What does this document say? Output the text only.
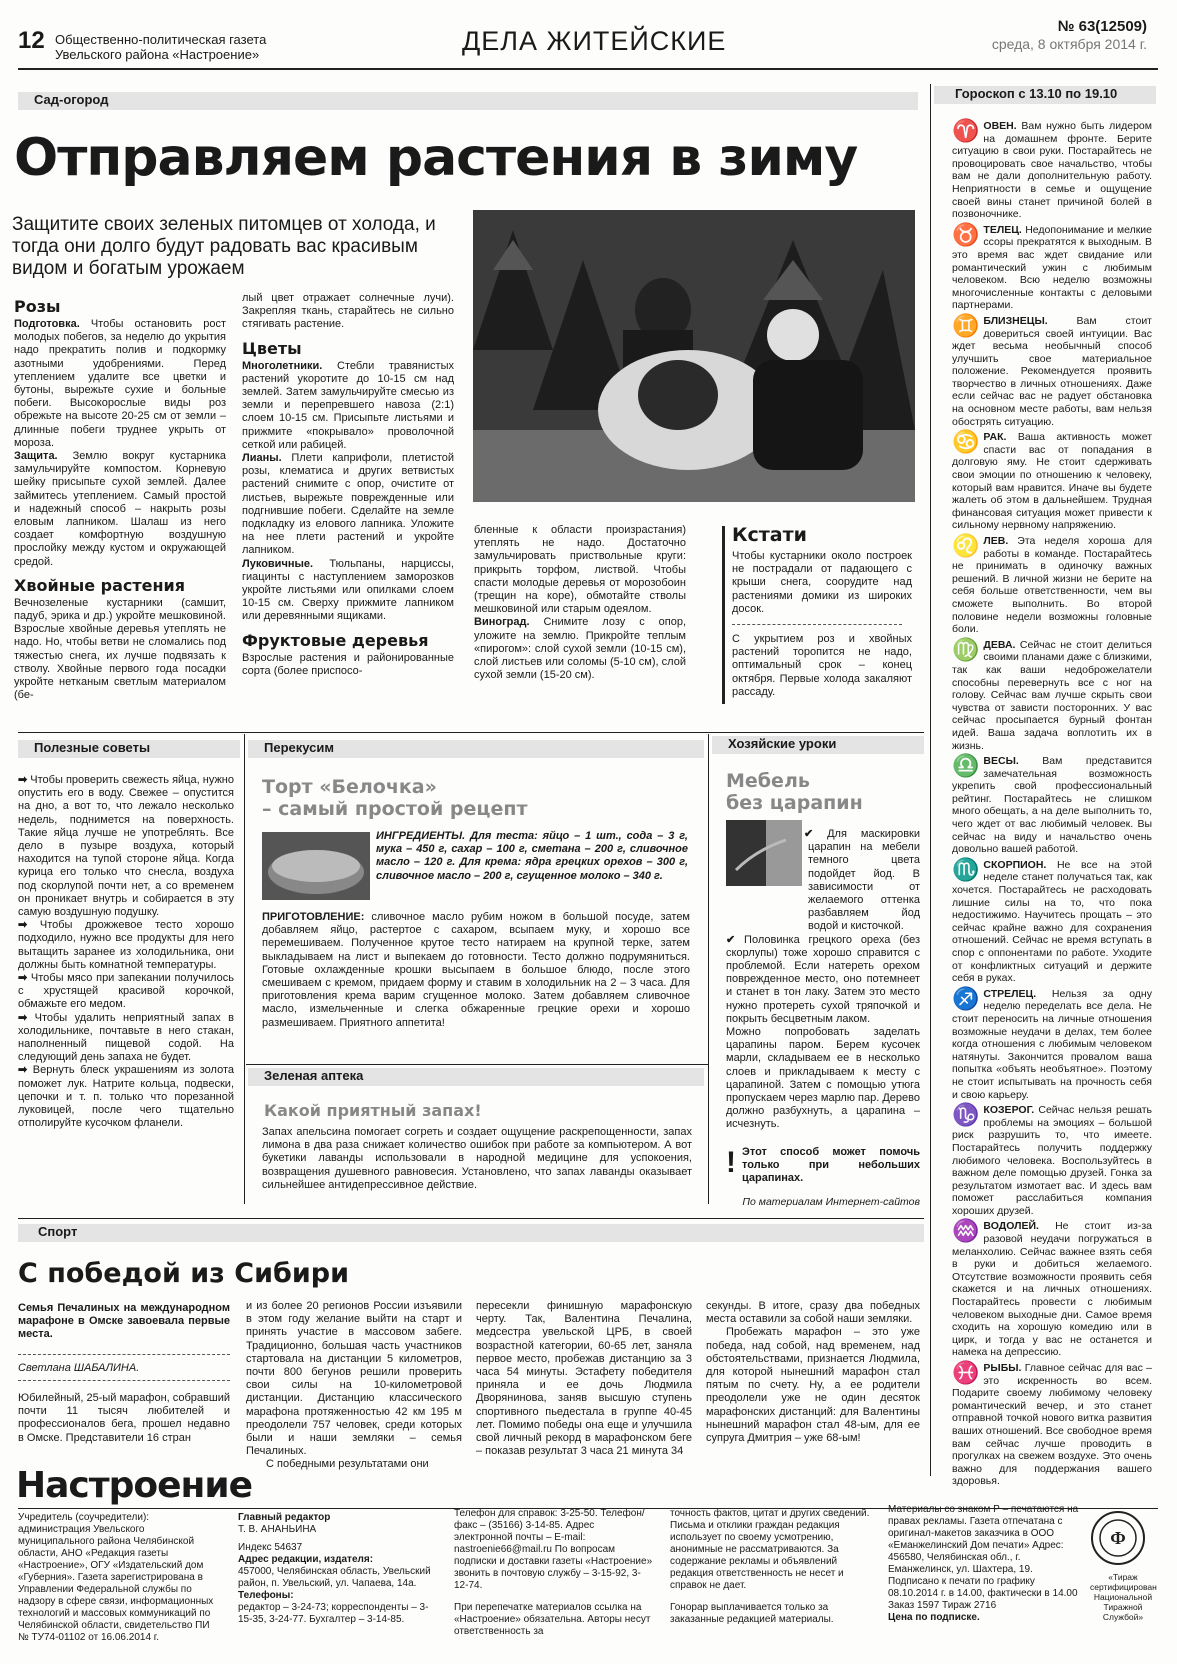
12 Общественно-политическая газета
Увельского района «Настроение»	ДЕЛА ЖИТЕЙСКИЕ	№ 63(12509)
среда, 8 октября 2014 г.
Сад-огород
Отправляем растения в зиму
Защитите своих зеленых питомцев от холода, и тогда они долго будут радовать вас красивым видом и богатым урожаем
Розы

Подготовка. Чтобы остановить рост молодых побегов, за неделю до укрытия надо прекратить полив и подкормку азотными удобрениями. Перед утеплением удалите все цветки и бутоны, вырежьте сухие и больные побеги. Высокорослые виды роз обрежьте на высоте 20-25 см от земли – длинные побеги труднее укрыть от мороза.

Защита. Землю вокруг кустарника замульчируйте компостом. Корневую шейку присыпьте сухой землей. Далее займитесь утеплением. Самый простой и надежный способ – накрыть розы еловым лапником. Шалаш из него создает комфортную воздушную прослойку между кустом и окружающей средой.

Хвойные растения

Вечнозеленые кустарники (самшит, падуб, эрика и др.) укройте мешковиной. Взрослые хвойные деревья утеплять не надо. Но, чтобы ветви не сломались под тяжестью снега, их лучше подвязать к стволу. Хвойные первого года посадки укройте нетканым светлым материалом (бе-

лый цвет отражает солнечные лучи). Закрепляя ткань, старайтесь не сильно стягивать растение.

Цветы

Многолетники. Стебли травянистых растений укоротите до 10-15 см над землей. Затем замульчируйте смесью из земли и перепревшего навоза (2:1) слоем 10-15 см. Присыпьте листьями и прижмите «покрывало» проволочной сеткой или рабицей.

Лианы. Плети каприфоли, плетистой розы, клематиса и других ветвистых растений снимите с опор, очистите от листьев, вырежьте поврежденные или подгнившие побеги. Сделайте на земле подкладку из елового лапника. Уложите на нее плети растений и укройте лапником.

Луковичные. Тюльпаны, нарциссы, гиацинты с наступлением заморозков укройте листьями или опилками слоем 10-15 см. Сверху прижмите лапником или деревянными ящиками.

Фруктовые деревья

Взрослые растения и районированные сорта (более приспосо-

бленные к области произрастания) утеплять не надо. Достаточно замульчировать приствольные круги: прикрыть торфом, листвой. Чтобы спасти молодые деревья от морозобоин (трещин на коре), обмотайте стволы мешковиной или старым одеялом.

Виноград. Снимите лозу с опор, уложите на землю. Прикройте теплым «пирогом»: слой сухой земли (10-15 см), слой листьев или соломы (5-10 см), слой сухой земли (15-20 см).

Кстати

Чтобы кустарники около построек не пострадали от падающего с крыши снега, соорудите над растениями домики из широких досок.

С укрытием роз и хвойных растений торопится не надо, оптимальный срок – конец октября. Первые холода закаляют рассаду.

Гороскоп с 13.10 по 19.10
♈ ОВЕН. Вам нужно быть лидером на домашнем фронте. Берите ситуацию в свои руки. Постарайтесь не провоцировать свое начальство, чтобы вам не дали дополнительную работу. Неприятности в семье и ощущение своей вины станет причиной болей в позвоночнике.
♉ ТЕЛЕЦ. Недопонимание и мелкие ссоры прекратятся к выходным. В это время вас ждет свидание или романтический ужин с любимым человеком. Всю неделю возможны многочисленные контакты с деловыми партнерами.
♊ БЛИЗНЕЦЫ. Вам стоит довериться своей интуиции. Вас ждет весьма необычный способ улучшить свое материальное положение. Рекомендуется проявить творчество в личных отношениях. Даже если сейчас вас не радует обстановка на основном месте работы, вам нельзя обострять ситуацию.
♋ РАК. Ваша активность может спасти вас от попадания в долговую яму. Не стоит сдерживать свои эмоции по отношению к человеку, который вам нравится. Иначе вы будете жалеть об этом в дальнейшем. Трудная финансовая ситуация может привести к сильному нервному напряжению.
♌ ЛЕВ. Эта неделя хороша для работы в команде. Постарайтесь не принимать в одиночку важных решений. В личной жизни не берите на себя больше ответственности, чем вы сможете выполнить. Во второй половине недели возможны головные боли.
♍ ДЕВА. Сейчас не стоит делиться своими планами даже с близкими, так как ваши недоброжелатели способны перевернуть все с ног на голову. Сейчас вам лучше скрыть свои чувства от зависти посторонних. У вас сейчас просыпается бурный фонтан идей. Ваша задача воплотить их в жизнь.
♎ ВЕСЫ. Вам представится замечательная возможность укрепить свой профессиональный рейтинг. Постарайтесь не слишком много обещать, а на деле выполнить то, чего ждет от вас любимый человек. Вы сейчас на виду и начальство очень довольно вашей работой.
♏ СКОРПИОН. Не все на этой неделе станет получаться так, как хочется. Постарайтесь не расходовать лишние силы на то, что пока недостижимо. Научитесь прощать – это сейчас крайне важно для сохранения отношений. Сейчас не время вступать в спор с оппонентами по работе. Уходите от конфликтных ситуаций и держите себя в руках.
♐ СТРЕЛЕЦ. Нельзя за одну неделю переделать все дела. Не стоит переносить на личные отношения возможные неудачи в делах, тем более когда отношения с любимым человеком натянуты. Закончится провалом ваша попытка «объять необъятное». Поэтому не стоит испытывать на прочность себя и свою карьеру.
♑ КОЗЕРОГ. Сейчас нельзя решать проблемы на эмоциях – большой риск разрушить то, что имеете. Постарайтесь получить поддержку любимого человека. Воспользуйтесь в важном деле помощью друзей. Гонка за результатом измотает вас. И здесь вам поможет расслабиться компания хороших друзей.
♒ ВОДОЛЕЙ. Не стоит из-за разовой неудачи погружаться в меланхолию. Сейчас важнее взять себя в руки и добиться желаемого. Отсутствие возможности проявить себя скажется и на личных отношениях. Постарайтесь провести с любимым человеком выходные дни. Самое время сходить на хорошую комедию или в цирк, и тогда у вас не останется и намека на депрессию.
♓ РЫБЫ. Главное сейчас для вас – это искренность во всем. Подарите своему любимому человеку романтический вечер, и это станет отправной точкой нового витка развития ваших отношений. Все свободное время вам сейчас лучше проводить в прогулках на свежем воздухе. Это очень важно для поддержания вашего здоровья.
Полезные советы

➡ Чтобы проверить свежесть яйца, нужно опустить его в воду. Свежее – опустится на дно, а вот то, что лежало несколько недель, поднимется на поверхность. Такие яйца лучше не употреблять. Все дело в пузыре воздуха, который находится на тупой стороне яйца. Когда курица его только что снесла, воздуха под скорлупой почти нет, а со временем он проникает внутрь и собирается в эту самую воздушную подушку.

➡ Чтобы дрожжевое тесто хорошо подходило, нужно все продукты для него вытащить заранее из холодильника, они должны быть комнатной температуры.

➡ Чтобы мясо при запекании получилось с хрустящей красивой корочкой, обмажьте его медом.

➡ Чтобы удалить неприятный запах в холодильнике, почтавьте в него стакан, наполненный пищевой содой. На следующий день запаха не будет.

➡ Вернуть блеск украшениям из золота поможет лук. Натрите кольца, подвески, цепочки и т. п. только что порезанной луковицей, после чего тщательно отполируйте кусочком фланели.

Перекусим
Торт «Белочка»
– самый простой рецепт
ИНГРЕДИЕНТЫ. Для теста: яйцо – 1 шт., сода – 3 г, мука – 450 г, сахар – 100 г, сметана – 200 г, сливочное масло – 120 г. Для крема: ядра грецких орехов – 300 г, сливочное масло – 200 г, сгущенное молоко – 340 г.
ПРИГОТОВЛЕНИЕ: сливочное масло рубим ножом в большой посуде, затем добавляем яйцо, растертое с сахаром, всыпаем муку, и хорошо все перемешиваем. Полученное крутое тесто натираем на крупной терке, затем выкладываем на лист и выпекаем до готовности. Тесто должно подрумяниться. Готовые охлажденные крошки высыпаем в большое блюдо, после этого смешиваем с кремом, придаем форму и ставим в холодильник на 2 – 3 часа. Для приготовления крема варим сгущенное молоко. Затем добавляем сливочное масло, измельченные и слегка обжаренные грецкие орехи и хорошо размешиваем. Приятного аппетита!
Зеленая аптека
Какой приятный запах!
Запах апельсина помогает согреть и создает ощущение раскрепощенности, запах лимона в два раза снижает количество ошибок при работе за компьютером. А вот букетики лаванды использовали в народной медицине для успокоения, возвращения душевного равновесия. Установлено, что запах лаванды оказывает сильнейшее антидепрессивное действие.
Хозяйские уроки
Мебель
без царапин

✔ Для маскировки царапин на мебели темного цвета подойдет йод. В зависимости от желаемого оттенка разбавляем йод водой и кисточкой.

✔ Половинка грецкого ореха (без скорлупы) тоже хорошо справится с проблемой. Если натереть орехом поврежденное место, оно потемнеет и станет в тон лаку. Затем это место нужно протереть сухой тряпочкой и покрыть бесцветным лаком.

Можно попробовать заделать царапины паром. Берем кусочек марли, складываем ее в несколько слоев и прикладываем к месту с царапиной. Затем с помощью утюга пропускаем через марлю пар. Дерево должно разбухнуть, а царапина – исчезнуть.

! Этот способ может помочь только при небольших царапинах.
По материалам Интернет-сайтов
Спорт
С победой из Сибири
Семья Печалиных на международном марафоне в Омске завоевала первые места.
Светлана ШАБАЛИНА.
Юбилейный, 25-ый марафон, собравший почти 11 тысяч любителей и профессионалов бега, прошел недавно в Омске. Представители 16 стран

и из более 20 регионов России изъявили в этом году желание выйти на старт и принять участие в массовом забеге. Традиционно, большая часть участников стартовала на дистанции 5 километров, почти 800 бегунов решили проверить свои силы на 10-километровой дистанции. Дистанцию классического марафона протяженностью 42 км 195 м преодолели 757 человек, среди которых были и наши земляки – семья Печалиных.

С победными результатами они

пересекли финишную марафонскую черту. Так, Валентина Печалина, медсестра увельской ЦРБ, в своей возрастной категории, 60-65 лет, заняла первое место, пробежав дистанцию за 3 часа 54 минуты. Эстафету победителя приняла и ее дочь Людмила Дворянинова, заняв высшую ступень спортивного пьедестала в группе 40-45 лет. Помимо победы она еще и улучшила свой личный рекорд в марафонском беге – показав результат 3 часа 21 минута 34

секунды. В итоге, сразу два победных места оставили за собой наши земляки.

Пробежать марафон – это уже победа, над собой, над временем, над обстоятельствами, признается Людмила, для которой нынешний марафон стал пятым по счету. Ну, а ее родители преодолели уже не один десяток марафонских дистанций: для Валентины нынешний марафон стал 48-ым, для ее супруга Дмитрия – уже 68-ым!

Настроение
Учредитель (соучредители): администрация Увельского муниципального района Челябинской области, АНО «Редакция газеты «Настроение», ОГУ «Издательский дом «Губерния». Газета зарегистрирована в Управлении Федеральной службы по надзору в сфере связи, информационных технологий и массовых коммуникаций по Челябинской области, свидетельство ПИ № ТУ74-01102 от 16.06.2014 г.
Главный редактор
Т. В. АНАНЬИНА
Индекс 54637
Адрес редакции, издателя:
457000, Челябинская область, Увельский район, п. Увельский, ул. Чапаева, 14а.
Телефоны:
редактор – 3-24-73; корреспонденты – 3-15-35, 3-24-77. Бухгалтер – 3-14-85.
Телефон для справок: 3-25-50. Телефон/факс – (35166) 3-14-85. Адрес электронной почты – E-mail: nastroenie66@mail.ru По вопросам подписки и доставки газеты «Настроение» звонить в почтовую службу – 3-15-92, 3-12-74.
При перепечатке материалов ссылка на «Настроение» обязательна. Авторы несут ответственность за
точность фактов, цитат и других сведений. Письма и отклики граждан редакция использует по своему усмотрению, анонимные не рассматриваются. За содержание рекламы и объявлений редакция ответственность не несет и справок не дает.
Гонорар выплачивается только за заказанные редакцией материалы.
Материалы со знаком Р – печатаются на правах рекламы. Газета отпечатана с оригинал-макетов заказчика в ООО «Еманжелинский Дом печати» Адрес: 456580, Челябинская обл., г. Еманжелинск, ул. Шахтера, 19. Подписано к печати по графику 08.10.2014 г. в 14.00, фактически в 14.00 Заказ 1597 Тираж 2716
Цена по подписке.
Ф
«Тираж сертифицирован Национальной Тиражной Службой»
